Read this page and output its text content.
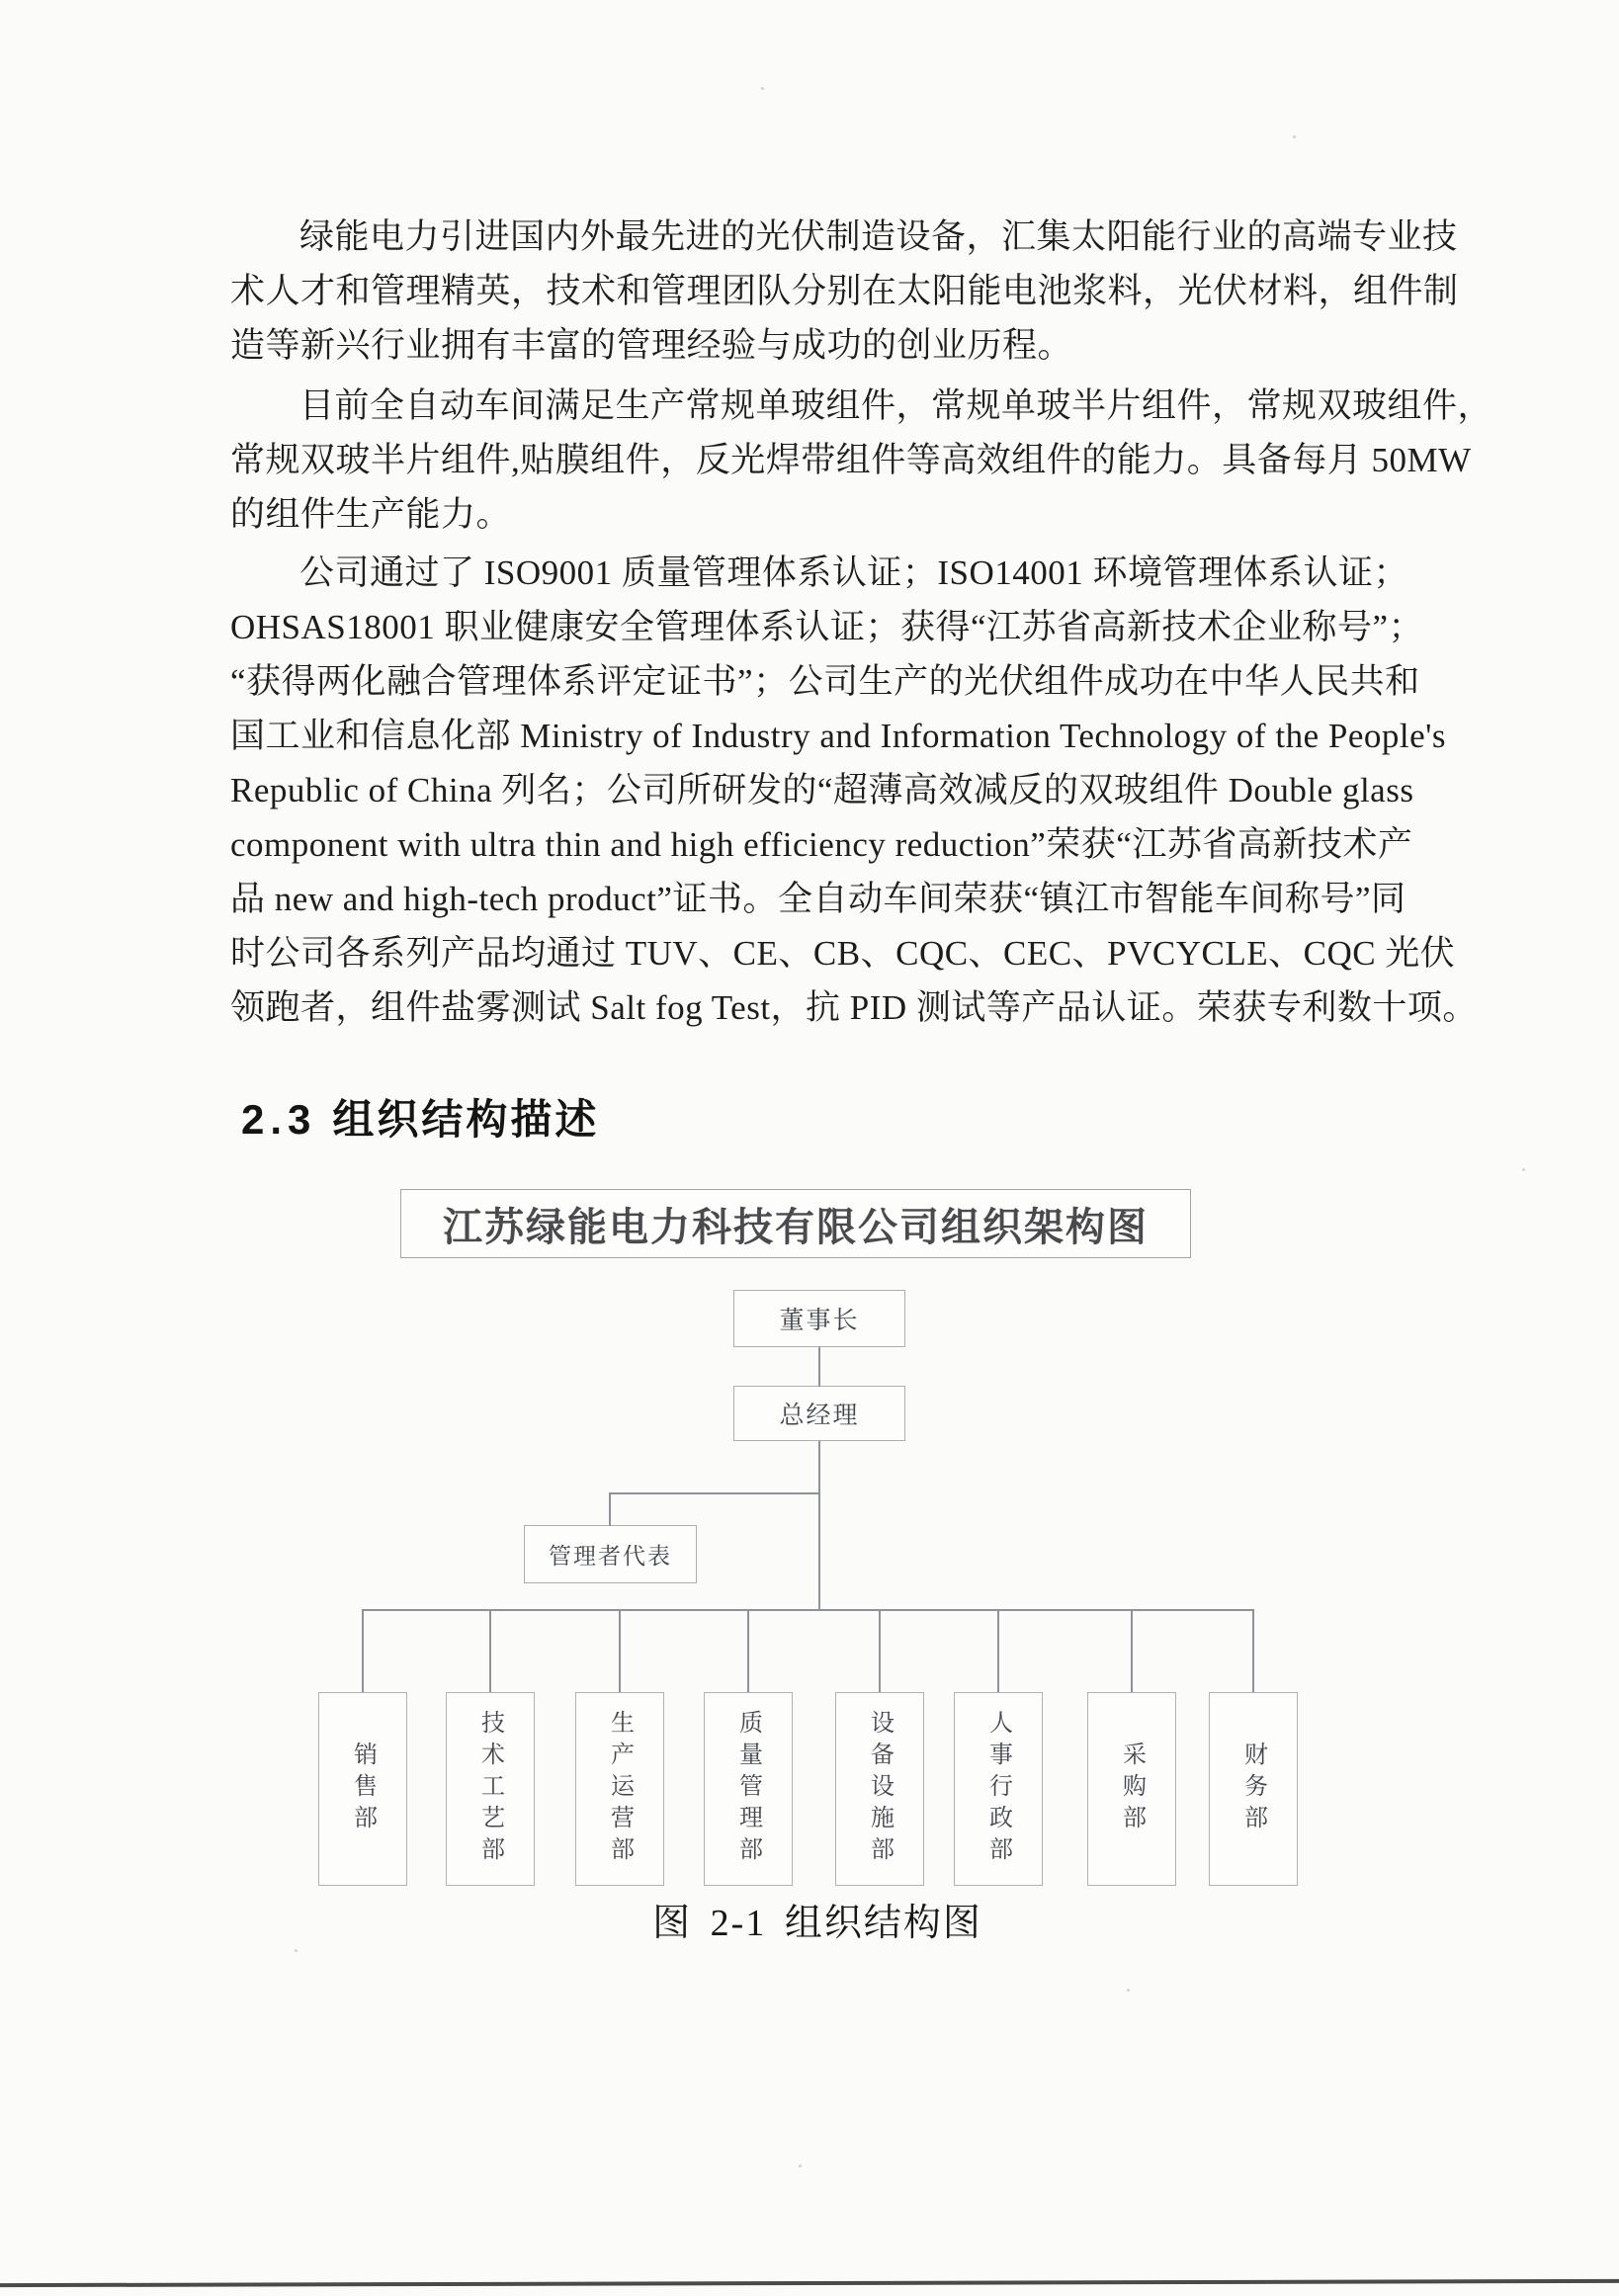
绿能电力引进国内外最先进的光伏制造设备，汇集太阳能行业的高端专业技
术人才和管理精英，技术和管理团队分别在太阳能电池浆料，光伏材料，组件制
造等新兴行业拥有丰富的管理经验与成功的创业历程。
目前全自动车间满足生产常规单玻组件，常规单玻半片组件，常规双玻组件，
常规双玻半片组件,贴膜组件，反光焊带组件等高效组件的能力。具备每月 50MW
的组件生产能力。
公司通过了 ISO9001 质量管理体系认证；ISO14001 环境管理体系认证；
OHSAS18001 职业健康安全管理体系认证；获得“江苏省高新技术企业称号”；
“获得两化融合管理体系评定证书”；公司生产的光伏组件成功在中华人民共和
国工业和信息化部 Ministry of Industry and Information Technology of the People's
Republic of China 列名；公司所研发的“超薄高效减反的双玻组件 Double glass
component with ultra thin and high efficiency reduction”荣获“江苏省高新技术产
品 new and high-tech product”证书。全自动车间荣获“镇江市智能车间称号”同
时公司各系列产品均通过 TUV、CE、CB、CQC、CEC、PVCYCLE、CQC 光伏
领跑者，组件盐雾测试 Salt fog Test，抗 PID 测试等产品认证。荣获专利数十项。
2.3 组织结构描述
江苏绿能电力科技有限公司组织架构图
董事长
总经理
管理者代表
销售部	技术工艺部	生产运营部	质量管理部	设备设施部	人事行政部	采购部	财务部
图 2-1 组织结构图
